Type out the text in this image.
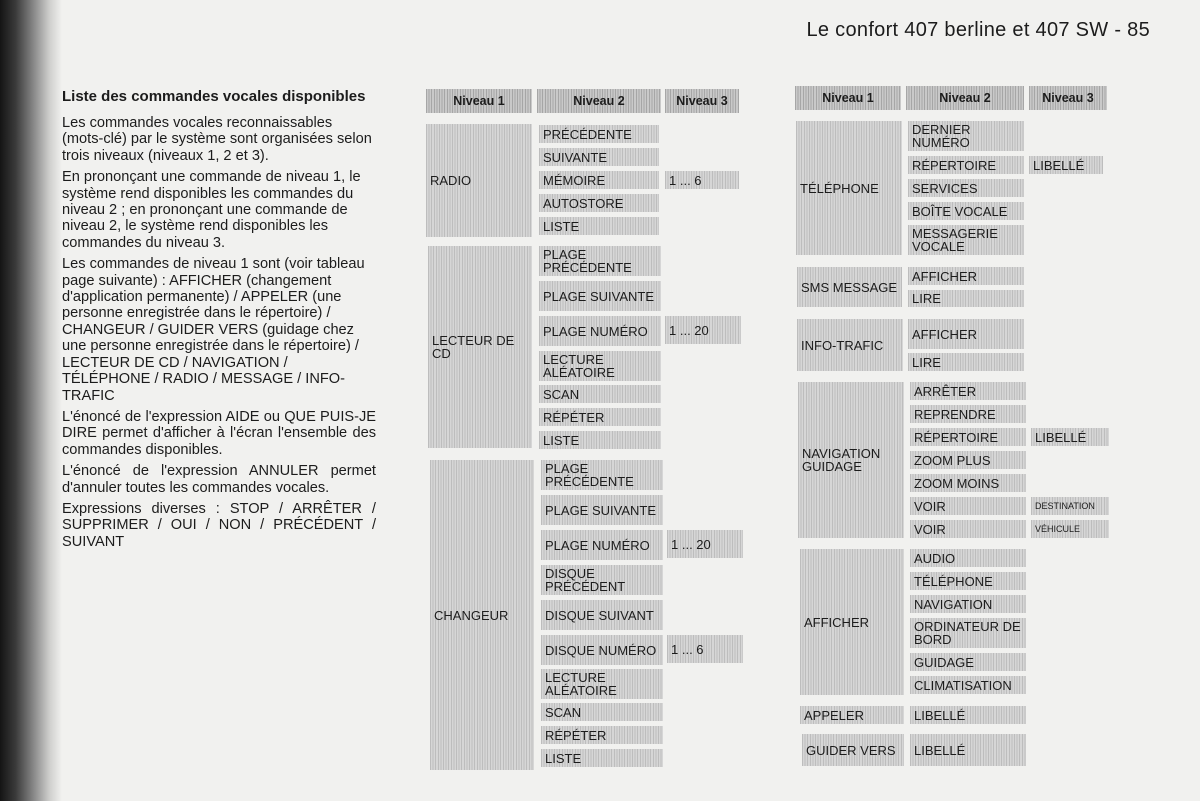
Le confort 407 berline et 407 SW - 85
Liste des commandes vocales disponibles

Les commandes vocales reconnaissables (mots-clé) par le système sont organisées selon trois niveaux (niveaux 1, 2 et 3).

En prononçant une commande de niveau 1, le système rend disponibles les commandes du niveau 2 ; en prononçant une commande de niveau 2, le système rend disponibles les commandes du niveau 3.

Les commandes de niveau 1 sont (voir tableau page suivante) : AFFICHER (changement d'application permanente) / APPELER (une personne enregistrée dans le répertoire) / CHANGEUR / GUIDER VERS (guidage chez une personne enregistrée dans le répertoire) / LECTEUR DE CD / NAVIGATION / TÉLÉPHONE / RADIO / MESSAGE / INFO-TRAFIC

L'énoncé de l'expression AIDE ou QUE PUIS-JE DIRE permet d'afficher à l'écran l'ensemble des commandes disponibles.

L'énoncé de l'expression ANNULER permet d'annuler toutes les commandes vocales.

Expressions diverses : STOP / ARRÊTER / SUPPRIMER / OUI / NON / PRÉCÉDENT / SUIVANT

Niveau 1	Niveau 2	Niveau 3
RADIO
PRÉCÉDENTE
SUIVANTE
MÉMOIRE	1 ... 6
AUTOSTORE
LISTE
LECTEUR DE CD
PLAGE PRÉCÉDENTE
PLAGE SUIVANTE
PLAGE NUMÉRO	1 ... 20
LECTURE ALÉATOIRE
SCAN
RÉPÉTER
LISTE
CHANGEUR
PLAGE PRÉCÉDENTE
PLAGE SUIVANTE
PLAGE NUMÉRO	1 ... 20
DISQUE PRÉCÉDENT
DISQUE SUIVANT
DISQUE NUMÉRO	1 ... 6
LECTURE ALÉATOIRE
SCAN
RÉPÉTER
LISTE
Niveau 1	Niveau 2	Niveau 3
TÉLÉPHONE
DERNIER NUMÉRO
RÉPERTOIRE	LIBELLÉ
SERVICES
BOÎTE VOCALE
MESSAGERIE VOCALE
SMS MESSAGE
AFFICHER
LIRE
INFO-TRAFIC
AFFICHER
LIRE
NAVIGATION GUIDAGE
ARRÊTER
REPRENDRE
RÉPERTOIRE	LIBELLÉ
ZOOM PLUS
ZOOM MOINS
VOIR	DESTINATION
VOIR	VÉHICULE
AFFICHER
AUDIO
TÉLÉPHONE
NAVIGATION
ORDINATEUR DE BORD
GUIDAGE
CLIMATISATION
APPELER	LIBELLÉ
GUIDER VERS	LIBELLÉ
